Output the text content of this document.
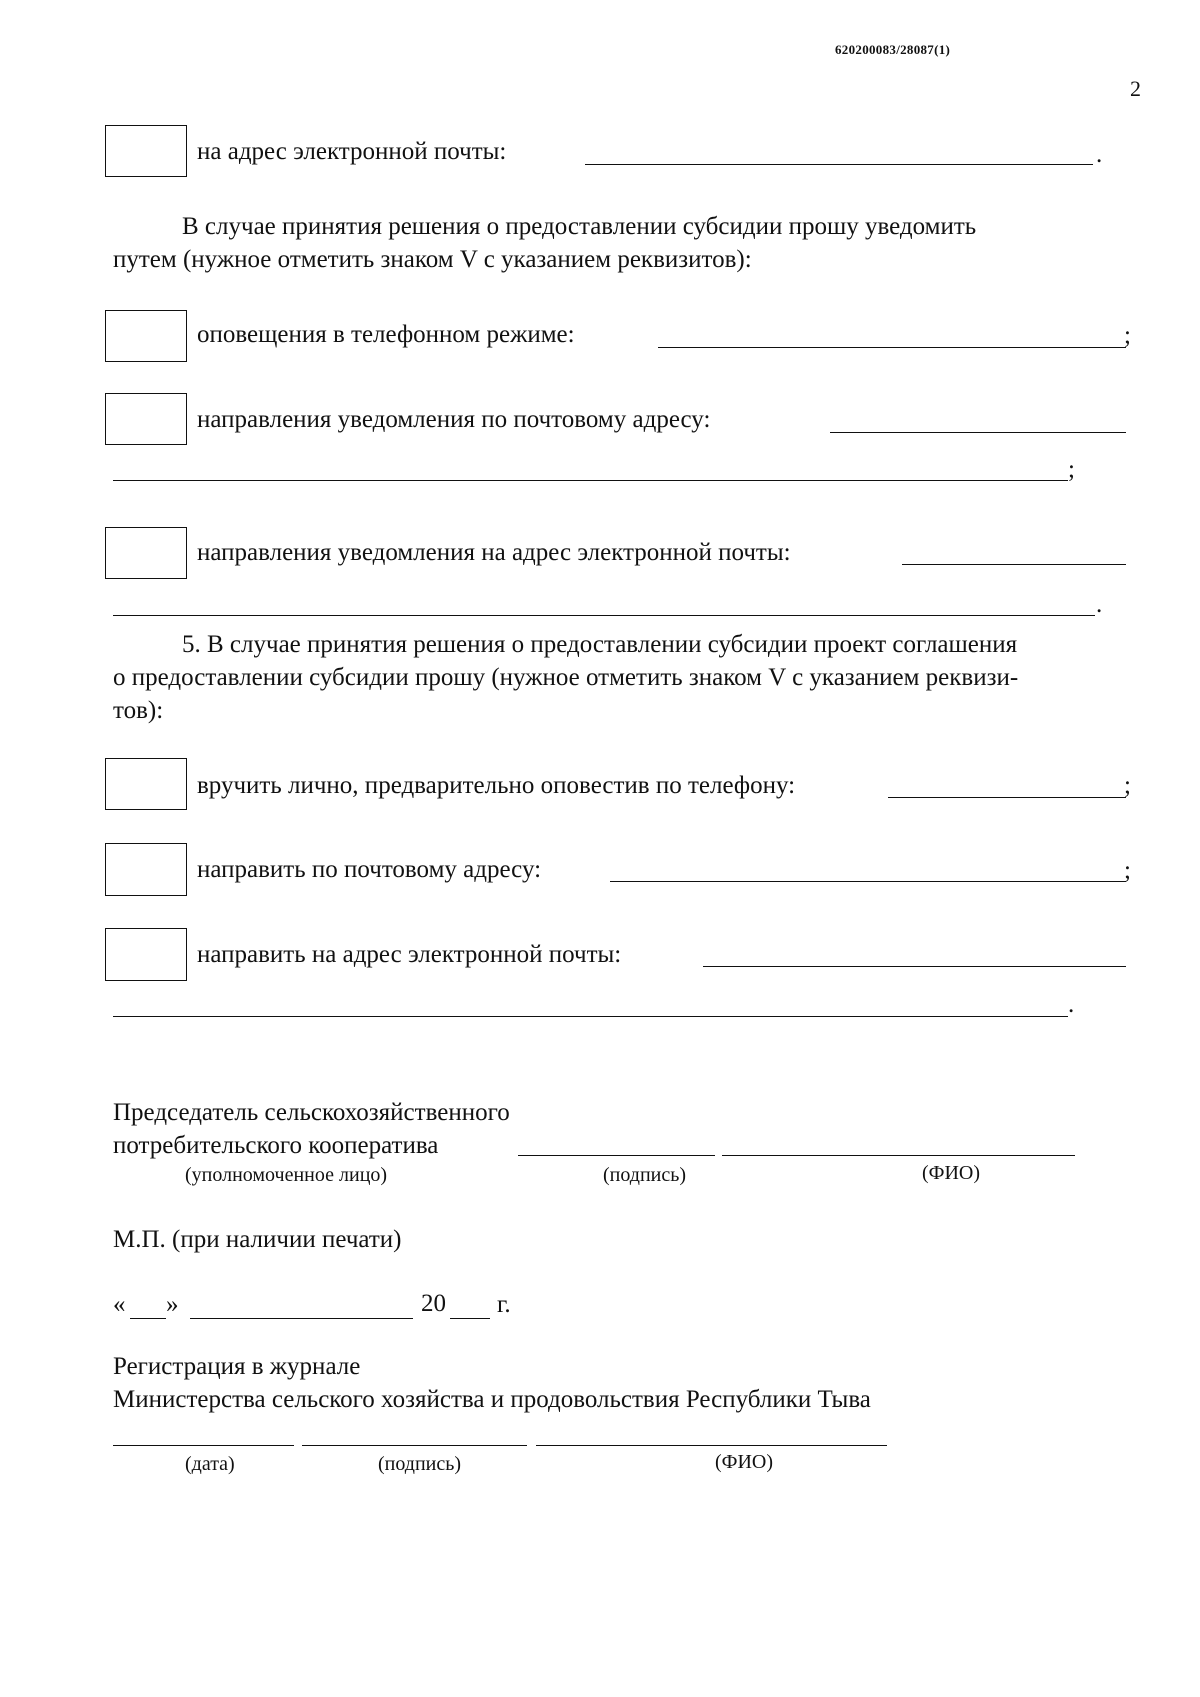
620200083/28087(1)
2
на адрес электронной почты:	.
В случае принятия решения о предоставлении субсидии прошу уведомить
путем (нужное отметить знаком V с указанием реквизитов):
оповещения в телефонном режиме:	;
направления уведомления по почтовому адресу:
;
направления уведомления на адрес электронной почты:
.
5. В случае принятия решения о предоставлении субсидии проект соглашения
о предоставлении субсидии прошу (нужное отметить знаком V с указанием реквизи-
тов):
вручить лично, предварительно оповестив по телефону:	;
направить по почтовому адресу:	;
направить на адрес электронной почты:
.
Председатель сельскохозяйственного
потребительского кооператива
(уполномоченное лицо)	(подпись)	(ФИО)
М.П. (при наличии печати)
« »	20 г.
Регистрация в журнале
Министерства сельского хозяйства и продовольствия Республики Тыва
(дата)	(подпись)	(ФИО)
